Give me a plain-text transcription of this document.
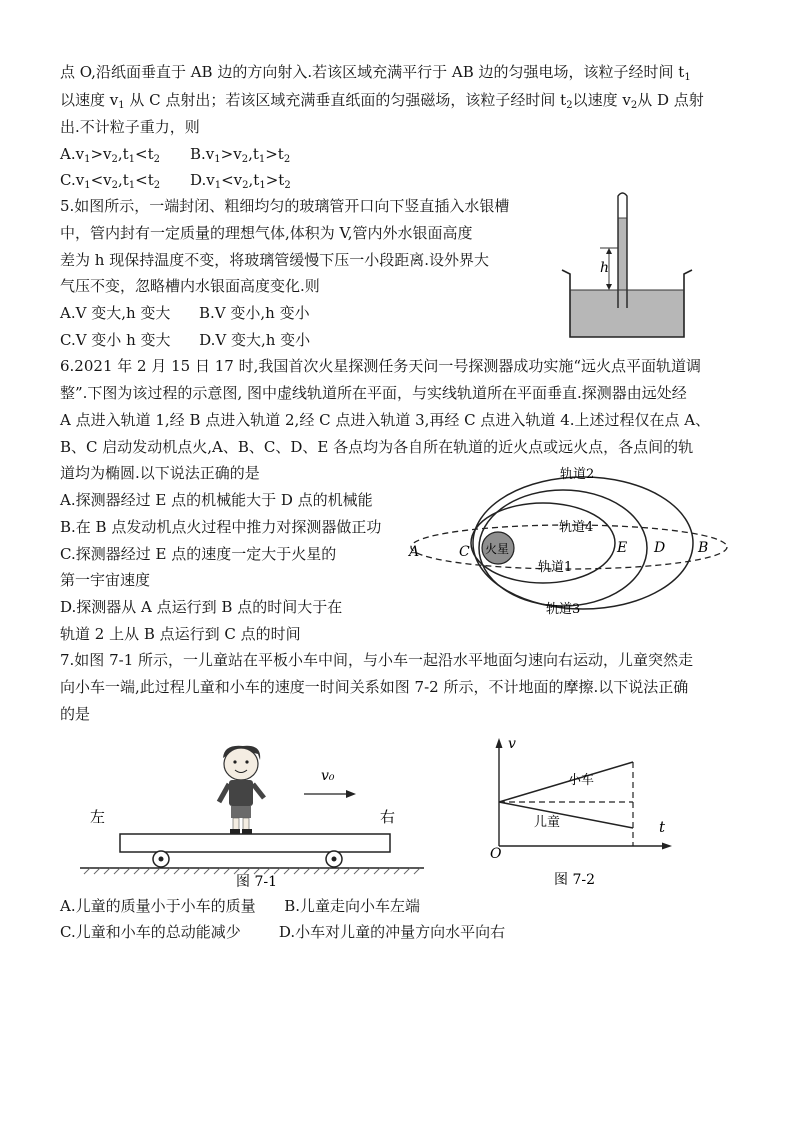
点 O,沿纸面垂直于 AB 边的方向射入.若该区域充满平行于 AB 边的匀强电场，该粒子经时间 $t_1$
以速度 $v_1$ 从 C 点射出；若该区域充满垂直纸面的匀强磁场，该粒子经时间 $t_2$以速度 $v_2$从 D 点射
出.不计粒子重力，则
$A.v_1>v_2,t_1<t_2$ $B.v_1>v_2,t_1>t_2$
$C.v_1<v_2,t_1<t_2$ $D.v_1<v_2,t_1>t_2$
5.如图所示，一端封闭、粗细均匀的玻璃管开口向下竖直插入水银槽
中，管内封有一定质量的理想气体,体积为 V,管内外水银面高度
差为 h 现保持温度不变，将玻璃管缓慢下压一小段距离.设外界大
气压不变，忽略槽内水银面高度变化.则
A.V 变大,h 变大      B.V 变小,h 变小
C.V 变小 h 变大      D.V 变大,h 变小
h
6.2021 年 2 月 15 日 17 时,我国首次火星探测任务天问一号探测器成功实施“远火点平面轨道调
整”.下图为该过程的示意图, 图中虚线轨道所在平面，与实线轨道所在平面垂直.探测器由远处经
A 点进入轨道 1,经 B 点进入轨道 2,经 C 点进入轨道 3,再经 C 点进入轨道 4.上述过程仅在点 A、
B、C 启动发动机点火,A、B、C、D、E 各点均为各自所在轨道的近火点或远火点，各点间的轨
道均为椭圆.以下说法正确的是
A.探测器经过 E 点的机械能大于 D 点的机械能
B.在 B 点发动机点火过程中推力对探测器做正功
C.探测器经过 E 点的速度一定大于火星的
第一宇宙速度
D.探测器从 A 点运行到 B 点的时间大于在
轨道 2 上从 B 点运行到 C 点的时间
火星
轨道2
轨道4
轨道1
轨道3
A	C	E D B
7.如图 7-1 所示，一儿童站在平板小车中间，与小车一起沿水平地面匀速向右运动，儿童突然走
向小车一端,此过程儿童和小车的速度一时间关系如图 7-2 所示，不计地面的摩擦.以下说法正确
的是
v₀
左	右
图 7-1
v
t
O
小车
儿童
图 7-2
A.儿童的质量小于小车的质量      B.儿童走向小车左端
C.儿童和小车的总动能减少        D.小车对儿童的冲量方向水平向右
